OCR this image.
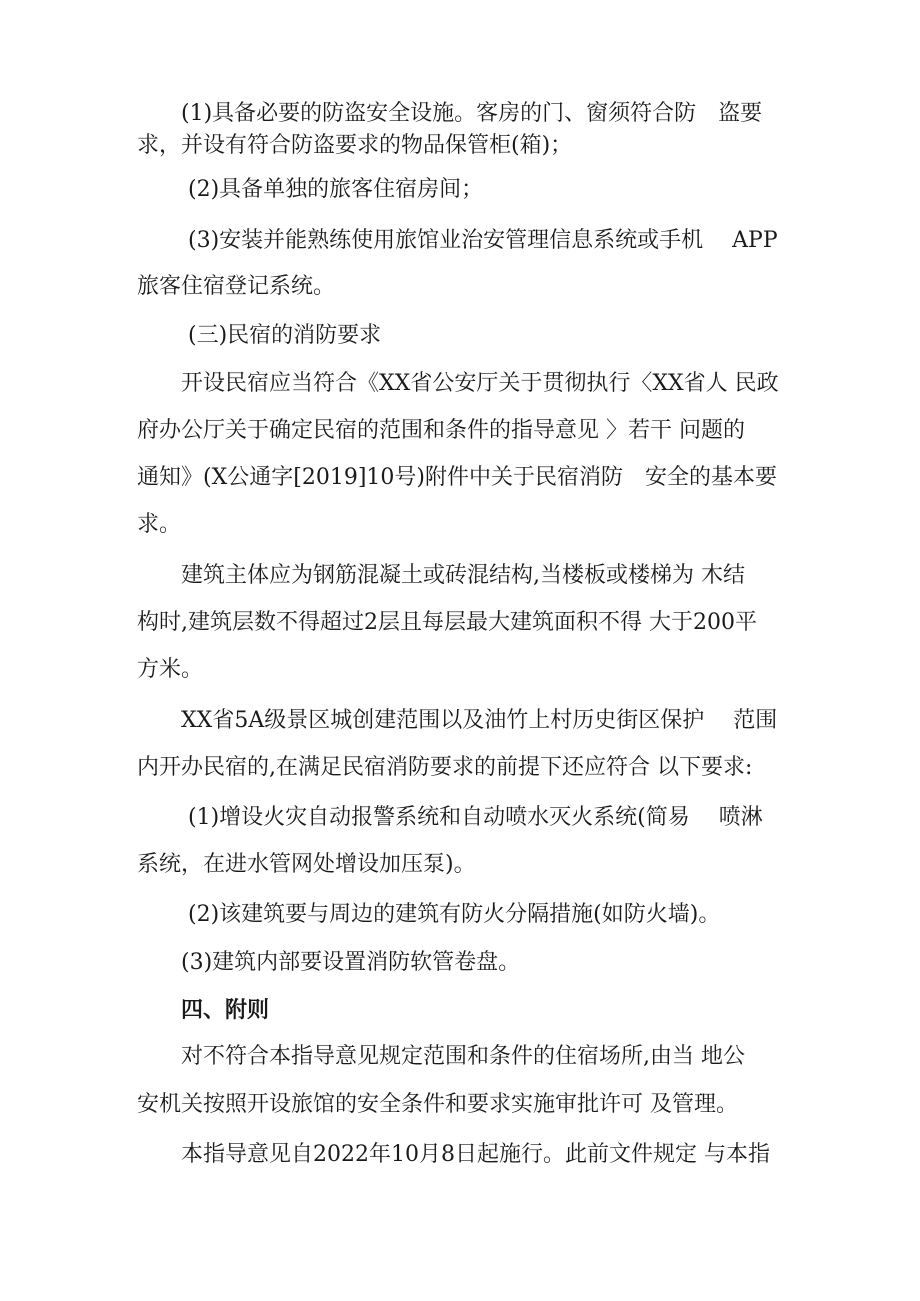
　　(1)具备必要的防盗安全设施。客房的门、窗须符合防　盗要
求，并设有符合防盗要求的物品保管柜(箱)；
　　 (2)具备单独的旅客住宿房间；
　　 (3)安装并能熟练使用旅馆业治安管理信息系统或手机　 APP
旅客住宿登记系统。
　　 (三)民宿的消防要求
　　开设民宿应当符合《XX省公安厅关于贯彻执行〈XX省人 民政
府办公厅关于确定民宿的范围和条件的指导意见 〉若干 问题的
通知》(X公通字[2019]10号)附件中关于民宿消防　安全的基本要
求。
　　建筑主体应为钢筋混凝土或砖混结构,当楼板或楼梯为 木结
构时,建筑层数不得超过2层且每层最大建筑面积不得 大于200平
方米。
　　XX省5A级景区城创建范围以及油竹上村历史街区保护　 范围
内开办民宿的,在满足民宿消防要求的前提下还应符合 以下要求:
　　 (1)增设火灾自动报警系统和自动喷水灭火系统(简易　 喷淋
系统，在进水管网处增设加压泵)。
　　 (2)该建筑要与周边的建筑有防火分隔措施(如防火墙)。
　　(3)建筑内部要设置消防软管卷盘。
　　四、附则
　　对不符合本指导意见规定范围和条件的住宿场所,由当 地公
安机关按照开设旅馆的安全条件和要求实施审批许可 及管理。
　　本指导意见自2022年10月8日起施行。此前文件规定 与本指
